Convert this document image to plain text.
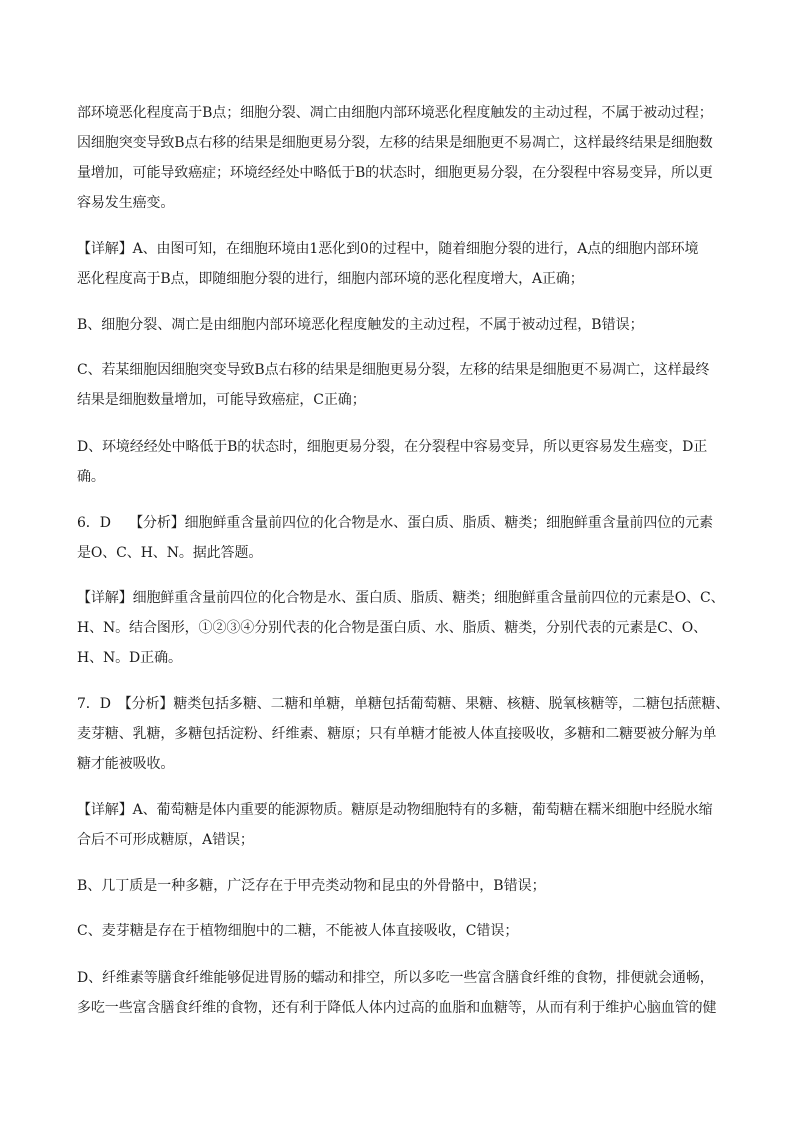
部环境恶化程度高于B点；细胞分裂、凋亡由细胞内部环境恶化程度触发的主动过程，不属于被动过程；
因细胞突变导致B点右移的结果是细胞更易分裂，左移的结果是细胞更不易凋亡，这样最终结果是细胞数
量增加，可能导致癌症；环境经经处中略低于B的状态时，细胞更易分裂，在分裂程中容易变异，所以更
容易发生癌变。
【详解】A、由图可知，在细胞环境由1恶化到0的过程中，随着细胞分裂的进行，A点的细胞内部环境
恶化程度高于B点，即随细胞分裂的进行，细胞内部环境的恶化程度增大，A正确；
B、细胞分裂、凋亡是由细胞内部环境恶化程度触发的主动过程，不属于被动过程，B错误；
C、若某细胞因细胞突变导致B点右移的结果是细胞更易分裂，左移的结果是细胞更不易凋亡，这样最终
结果是细胞数量增加，可能导致癌症，C正确；
D、环境经经处中略低于B的状态时，细胞更易分裂，在分裂程中容易变异，所以更容易发生癌变，D正
确。
6．D　 【分析】细胞鲜重含量前四位的化合物是水、蛋白质、脂质、糖类；细胞鲜重含量前四位的元素
是O、C、H、N。据此答题。
【详解】细胞鲜重含量前四位的化合物是水、蛋白质、脂质、糖类；细胞鲜重含量前四位的元素是O、C、
H、N。结合图形，①②③④分别代表的化合物是蛋白质、水、脂质、糖类，分别代表的元素是C、O、
H、N。D正确。
7．D　【分析】糖类包括多糖、二糖和单糖，单糖包括葡萄糖、果糖、核糖、脱氧核糖等，二糖包括蔗糖、
麦芽糖、乳糖，多糖包括淀粉、纤维素、糖原；只有单糖才能被人体直接吸收，多糖和二糖要被分解为单
糖才能被吸收。
【详解】A、葡萄糖是体内重要的能源物质。糖原是动物细胞特有的多糖，葡萄糖在糯米细胞中经脱水缩
合后不可形成糖原，A错误；
B、几丁质是一种多糖，广泛存在于甲壳类动物和昆虫的外骨骼中，B错误；
C、麦芽糖是存在于植物细胞中的二糖，不能被人体直接吸收，C错误；
D、纤维素等膳食纤维能够促进胃肠的蠕动和排空，所以多吃一些富含膳食纤维的食物，排便就会通畅，
多吃一些富含膳食纤维的食物，还有利于降低人体内过高的血脂和血糖等，从而有利于维护心脑血管的健
